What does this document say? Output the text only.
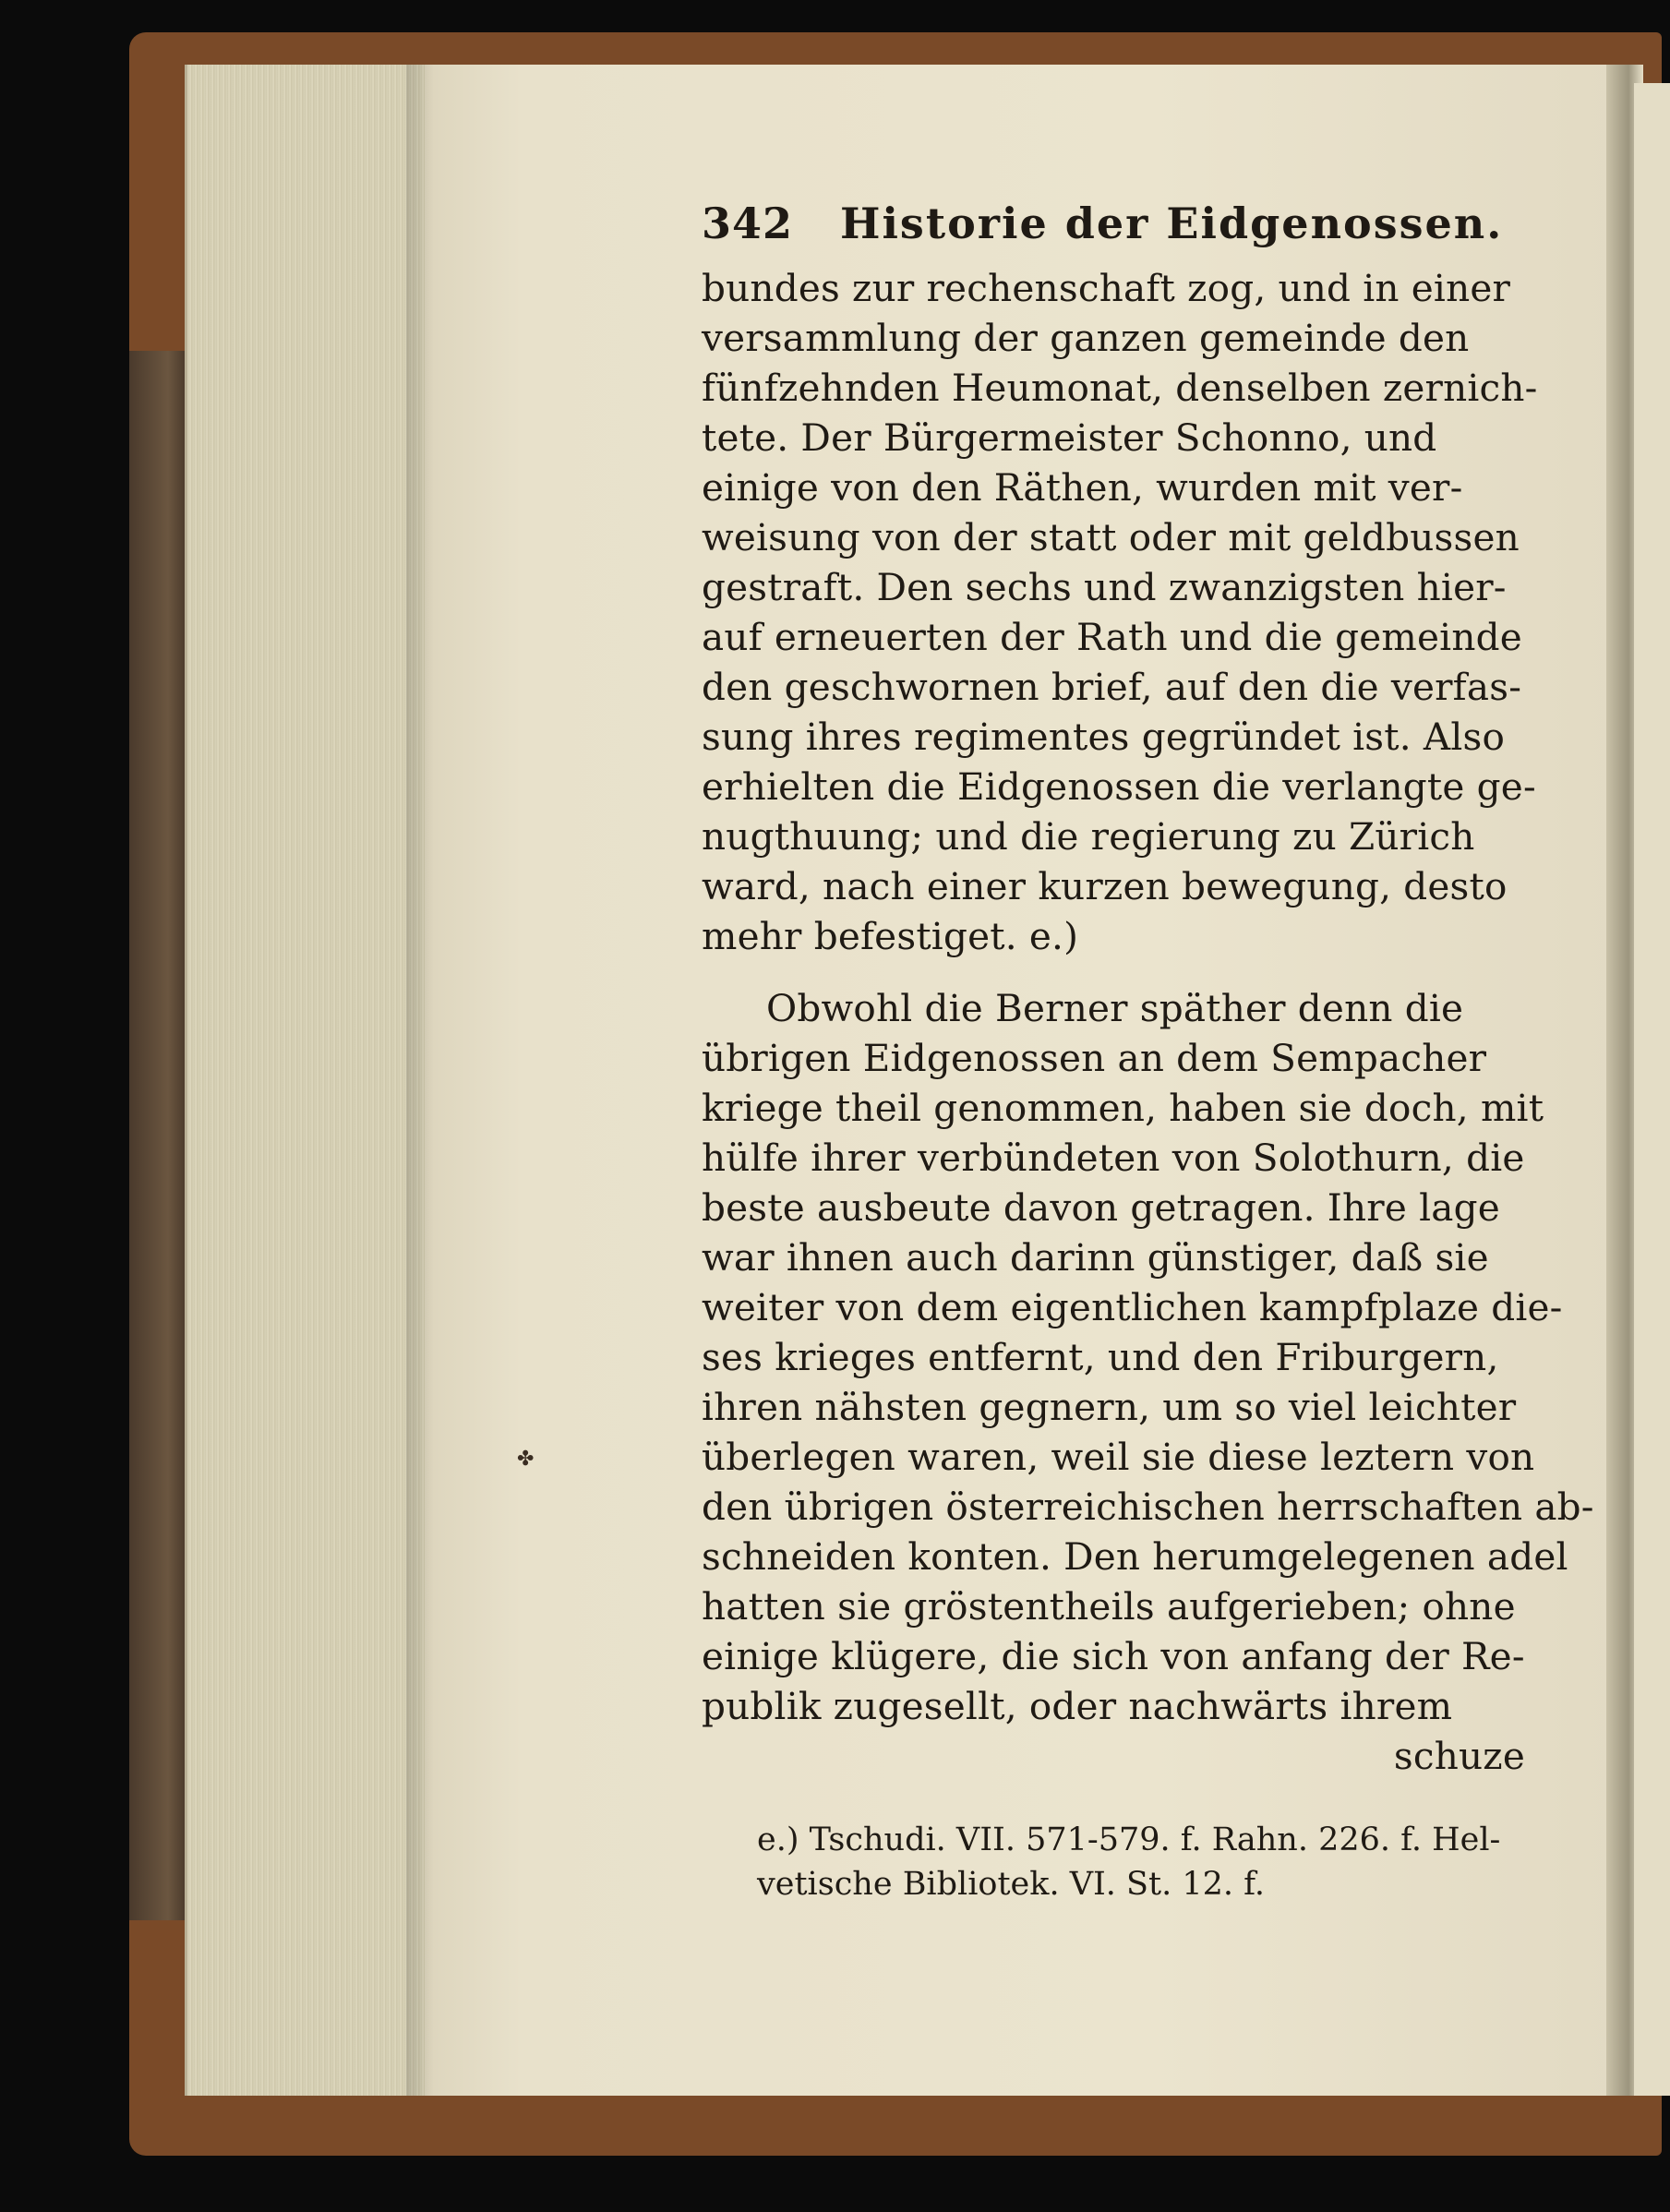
✤
342 Historie der Eidgenossen.
bundes zur rechenschaft zog, und in einer
versammlung der ganzen gemeinde den
fünfzehnden Heumonat, denselben zernich-
tete. Der Bürgermeister Schonno, und
einige von den Räthen, wurden mit ver-
weisung von der statt oder mit geldbussen
gestraft. Den sechs und zwanzigsten hier-
auf erneuerten der Rath und die gemeinde
den geschwornen brief, auf den die verfas-
sung ihres regimentes gegründet ist. Also
erhielten die Eidgenossen die verlangte ge-
nugthuung; und die regierung zu Zürich
ward, nach einer kurzen bewegung, desto
mehr befestiget. e.)
Obwohl die Berner späther denn die
übrigen Eidgenossen an dem Sempacher
kriege theil genommen, haben sie doch, mit
hülfe ihrer verbündeten von Solothurn, die
beste ausbeute davon getragen. Ihre lage
war ihnen auch darinn günstiger, daß sie
weiter von dem eigentlichen kampfplaze die-
ses krieges entfernt, und den Friburgern,
ihren nähsten gegnern, um so viel leichter
überlegen waren, weil sie diese leztern von
den übrigen österreichischen herrschaften ab-
schneiden konten. Den herumgelegenen adel
hatten sie gröstentheils aufgerieben; ohne
einige klügere, die sich von anfang der Re-
publik zugesellt, oder nachwärts ihrem
schuze
e.) Tschudi. VII. 571-579. f. Rahn. 226. f. Hel-
vetische Bibliotek. VI. St. 12. f.
